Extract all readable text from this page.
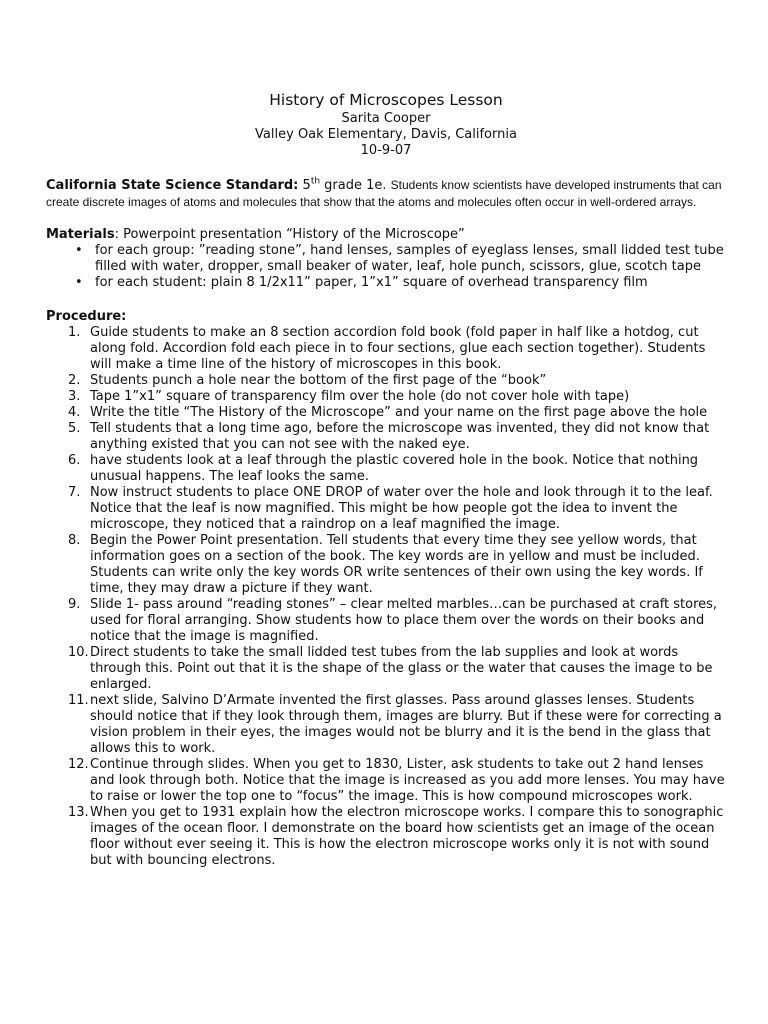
History of Microscopes Lesson
Sarita Cooper
Valley Oak Elementary, Davis, California
10-9-07
California State Science Standard: 5th grade 1e. Students know scientists have developed instruments that can create discrete images of atoms and molecules that show that the atoms and molecules often occur in well-ordered arrays.
Materials: Powerpoint presentation “History of the Microscope”
• for each group: ”reading stone”, hand lenses, samples of eyeglass lenses, small lidded test tube filled with water, dropper, small beaker of water, leaf, hole punch, scissors, glue, scotch tape
• for each student: plain 8 1/2x11” paper, 1”x1” square of overhead transparency film
Procedure:
1. Guide students to make an 8 section accordion fold book (fold paper in half like a hotdog, cut along fold. Accordion fold each piece in to four sections, glue each section together). Students will make a time line of the history of microscopes in this book.
2. Students punch a hole near the bottom of the first page of the “book”
3. Tape 1”x1” square of transparency film over the hole (do not cover hole with tape)
4. Write the title “The History of the Microscope” and your name on the first page above the hole
5. Tell students that a long time ago, before the microscope was invented, they did not know that anything existed that you can not see with the naked eye.
6. have students look at a leaf through the plastic covered hole in the book. Notice that nothing unusual happens. The leaf looks the same.
7. Now instruct students to place ONE DROP of water over the hole and look through it to the leaf. Notice that the leaf is now magnified. This might be how people got the idea to invent the microscope, they noticed that a raindrop on a leaf magnified the image.
8. Begin the Power Point presentation. Tell students that every time they see yellow words, that information goes on a section of the book. The key words are in yellow and must be included. Students can write only the key words OR write sentences of their own using the key words. If time, they may draw a picture if they want.
9. Slide 1- pass around “reading stones” – clear melted marbles…can be purchased at craft stores, used for floral arranging. Show students how to place them over the words on their books and notice that the image is magnified.
10. Direct students to take the small lidded test tubes from the lab supplies and look at words through this. Point out that it is the shape of the glass or the water that causes the image to be enlarged.
11. next slide, Salvino D’Armate invented the first glasses. Pass around glasses lenses. Students should notice that if they look through them, images are blurry. But if these were for correcting a vision problem in their eyes, the images would not be blurry and it is the bend in the glass that allows this to work.
12. Continue through slides. When you get to 1830, Lister, ask students to take out 2 hand lenses and look through both. Notice that the image is increased as you add more lenses. You may have to raise or lower the top one to “focus” the image. This is how compound microscopes work.
13. When you get to 1931 explain how the electron microscope works. I compare this to sonographic images of the ocean floor. I demonstrate on the board how scientists get an image of the ocean floor without ever seeing it. This is how the electron microscope works only it is not with sound but with bouncing electrons.
